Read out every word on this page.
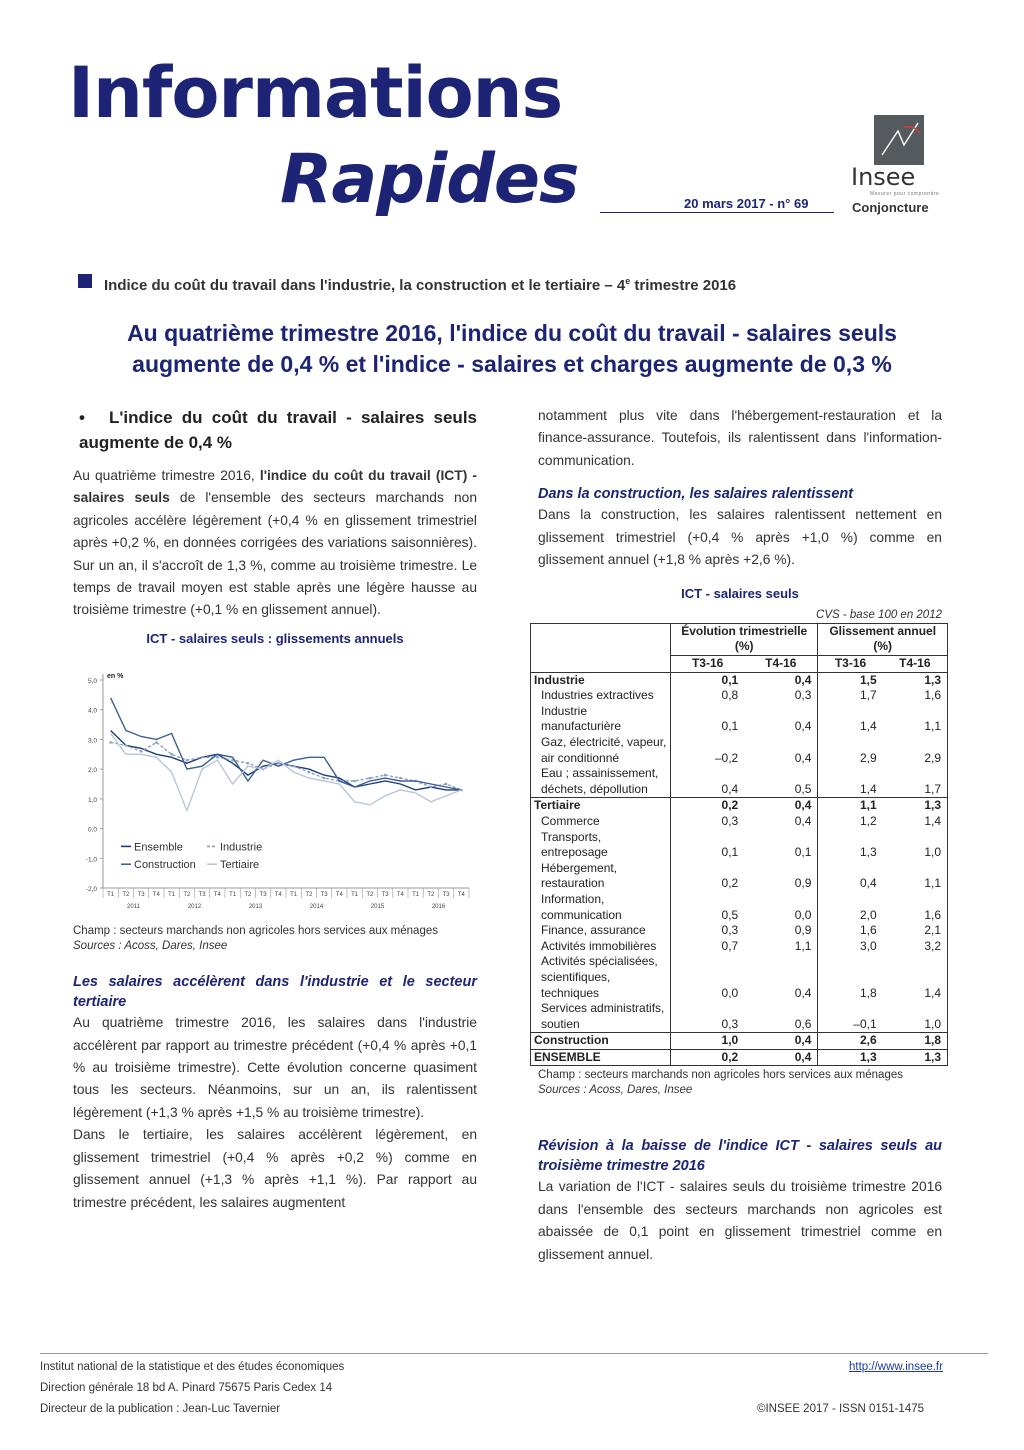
Informations
Rapides	20 mars 2017 - n° 69
Insee
Mesurer pour comprendre
Conjoncture
Indice du coût du travail dans l'industrie, la construction et le tertiaire – 4e trimestre 2016
Au quatrième trimestre 2016, l'indice du coût du travail - salaires seuls
augmente de 0,4 % et l'indice - salaires et charges augmente de 0,3 %
• L'indice du coût du travail - salaires seuls augmente de 0,4 %

Au quatrième trimestre 2016, l'indice du coût du travail (ICT) - salaires seuls de l'ensemble des secteurs marchands non agricoles accélère légèrement (+0,4 % en glissement trimestriel après +0,2 %, en données corrigées des variations saisonnières). Sur un an, il s'accroît de 1,3 %, comme au troisième trimestre. Le temps de travail moyen est stable après une légère hausse au troisième trimestre (+0,1 % en glissement annuel).

ICT - salaires seuls : glissements annuels
-2,0
-1,0
0,0
1,0
2,0
3,0
4,0
5,0
en %
T1 T2 T3 T4 T1 T2 T3 T4 T1 T2 T3 T4 T1 T2 T3 T4 T1 T2 T3 T4 T1 T2 T3 T4
2011	2012	2013	2014	2015	2016
Ensemble	Industrie
Construction Tertiaire
Champ : secteurs marchands non agricoles hors services aux ménages
Sources : Acoss, Dares, Insee
Les salaires accélèrent dans l'industrie et le secteur tertiaire

Au quatrième trimestre 2016, les salaires dans l'industrie accélèrent par rapport au trimestre précédent (+0,4 % après +0,1 % au troisième trimestre). Cette évolution concerne quasiment tous les secteurs. Néanmoins, sur un an, ils ralentissent légèrement (+1,3 % après +1,5 % au troisième trimestre).

Dans le tertiaire, les salaires accélèrent légèrement, en glissement trimestriel (+0,4 % après +0,2 %) comme en glissement annuel (+1,3 % après +1,1 %). Par rapport au trimestre précédent, les salaires augmentent

notamment plus vite dans l'hébergement-restauration et la finance-assurance. Toutefois, ils ralentissent dans l'information-communication.

Dans la construction, les salaires ralentissent

Dans la construction, les salaires ralentissent nettement en glissement trimestriel (+0,4 % après +1,0 %) comme en glissement annuel (+1,8 % après +2,6 %).

ICT - salaires seuls
CVS - base 100 en 2012
	Évolution trimestrielle (%)		Glissement annuel (%)	
	T3-16	T4-16	T3-16	T4-16

Industrie	0,1	0,4	1,5	1,3

Industries extractives	0,8	0,3	1,7	1,6

Industrie manufacturière	0,1	0,4	1,4	1,1

Gaz, électricité, vapeur,
air conditionné	–0,2	0,4	2,9	2,9

Eau ; assainissement,
déchets, dépollution	0,4	0,5	1,4	1,7

Tertiaire	0,2	0,4	1,1	1,3

Commerce	0,3	0,4	1,2	1,4

Transports, entreposage	0,1	0,1	1,3	1,0

Hébergement,
restauration	0,2	0,9	0,4	1,1

Information,
communication	0,5	0,0	2,0	1,6

Finance, assurance	0,3	0,9	1,6	2,1

Activités immobilières	0,7	1,1	3,0	3,2

Activités spécialisées,
scientifiques,
techniques	0,0	0,4	1,8	1,4

Services administratifs,
soutien	0,3	0,6	–0,1	1,0

Construction	1,0	0,4	2,6	1,8

ENSEMBLE	0,2	0,4	1,3	1,3
Champ : secteurs marchands non agricoles hors services aux ménages
Sources : Acoss, Dares, Insee
Révision à la baisse de l'indice ICT - salaires seuls au troisième trimestre 2016

La variation de l'ICT - salaires seuls du troisième trimestre 2016 dans l'ensemble des secteurs marchands non agricoles est abaissée de 0,1 point en glissement trimestriel comme en glissement annuel.

Institut national de la statistique et des études économiques
Direction générale 18 bd A. Pinard 75675 Paris Cedex 14
Directeur de la publication : Jean-Luc Tavernier
http://www.insee.fr
©INSEE 2017 - ISSN 0151-1475
